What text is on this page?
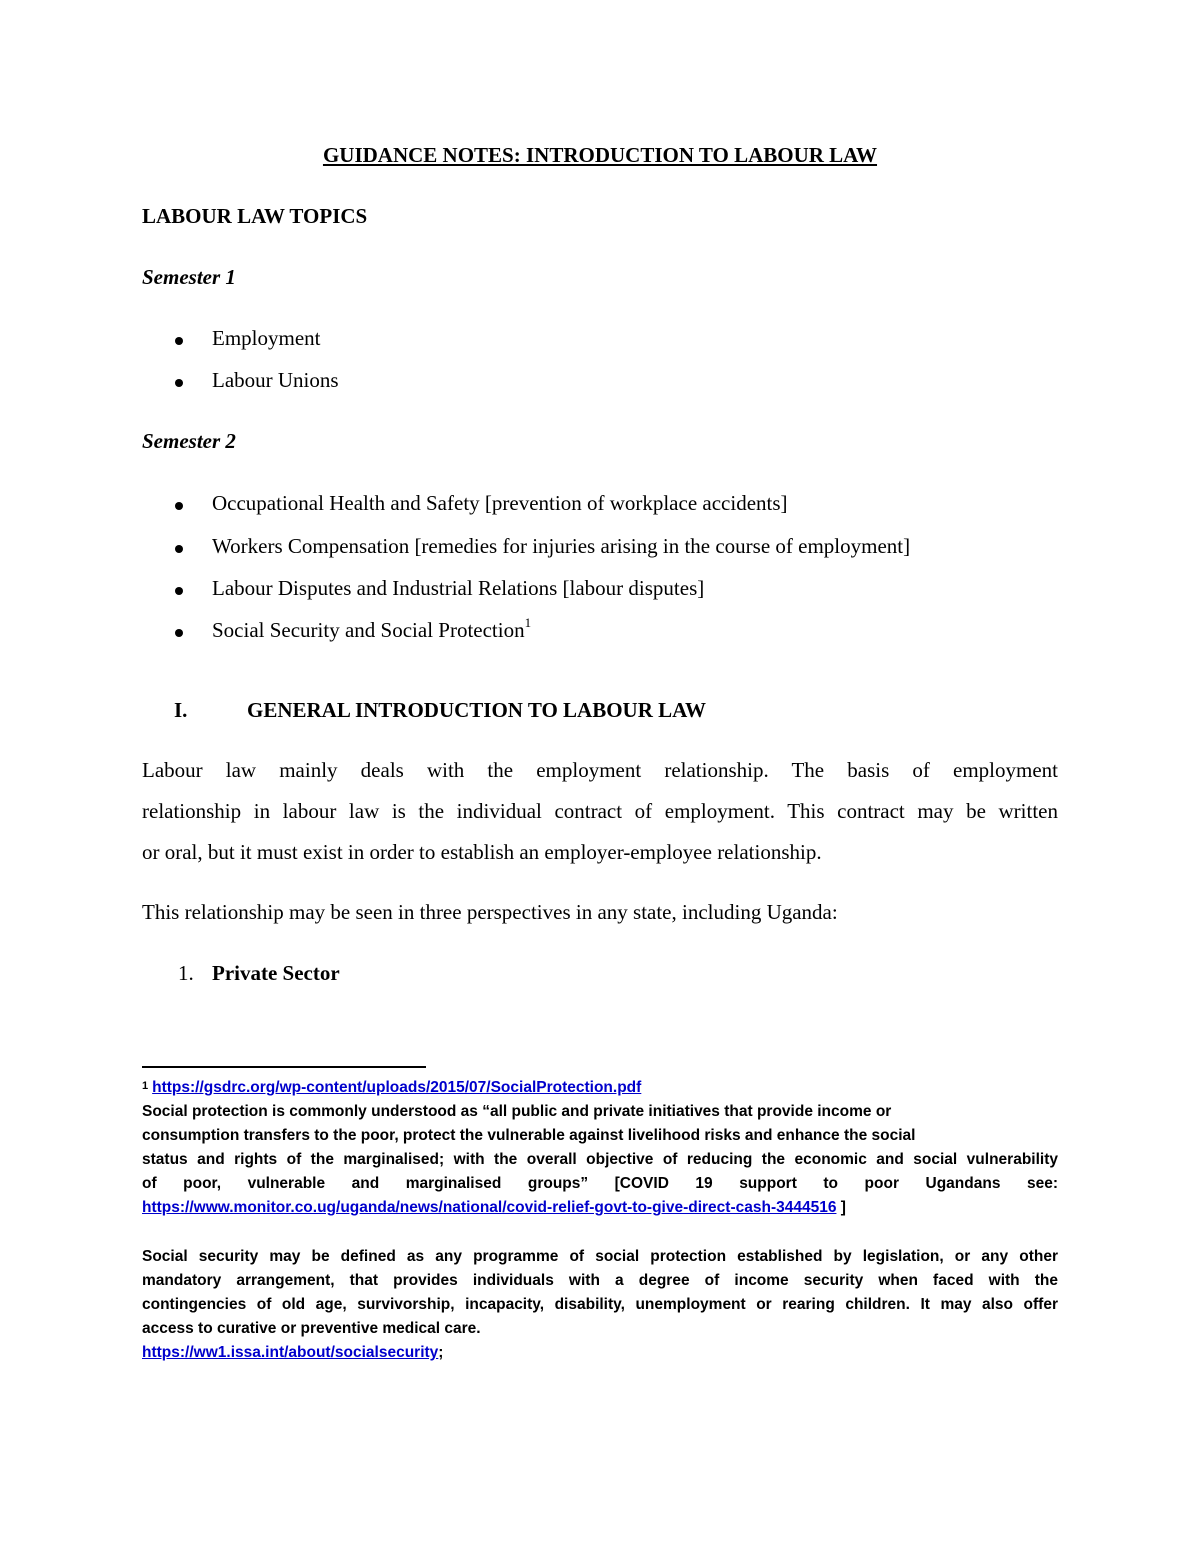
GUIDANCE NOTES: INTRODUCTION TO LABOUR LAW
LABOUR LAW TOPICS
Semester 1
Employment
Labour Unions
Semester 2
Occupational Health and Safety [prevention of workplace accidents]
Workers Compensation [remedies for injuries arising in the course of employment]
Labour Disputes and Industrial Relations [labour disputes]
Social Security and Social Protection$^1$
I.	GENERAL INTRODUCTION TO LABOUR LAW
Labour law mainly deals with the employment relationship. The basis of employment
relationship in labour law is the individual contract of employment. This contract may be written
or oral, but it must exist in order to establish an employer-employee relationship.
This relationship may be seen in three perspectives in any state, including Uganda:
1. Private Sector
$^1$ https://gsdrc.org/wp-content/uploads/2015/07/SocialProtection.pdf
Social protection is commonly understood as “all public and private initiatives that provide income or
consumption transfers to the poor, protect the vulnerable against livelihood risks and enhance the social
status and rights of the marginalised; with the overall objective of reducing the economic and social vulnerability
of poor, vulnerable and marginalised groups” [COVID 19 support to poor Ugandans see:
https://www.monitor.co.ug/uganda/news/national/covid-relief-govt-to-give-direct-cash-3444516 ]
Social security may be defined as any programme of social protection established by legislation, or any other
mandatory arrangement, that provides individuals with a degree of income security when faced with the
contingencies of old age, survivorship, incapacity, disability, unemployment or rearing children. It may also offer
access to curative or preventive medical care.
https://ww1.issa.int/about/socialsecurity;
